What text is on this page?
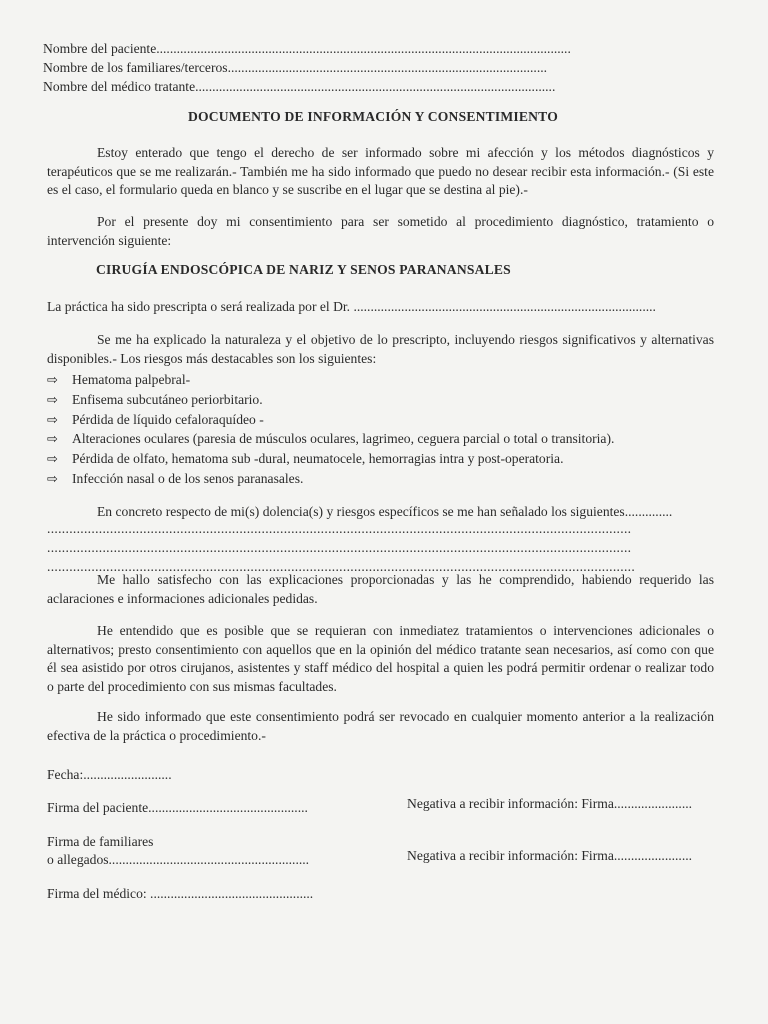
Nombre del paciente..........................................................................................................................
Nombre de los familiares/terceros..............................................................................................
Nombre del médico tratante..........................................................................................................
DOCUMENTO DE INFORMACIÓN Y CONSENTIMIENTO
Estoy enterado que tengo el derecho de ser informado sobre mi afección y los métodos diagnósticos y terapéuticos que se me realizarán.- También me ha sido informado que puedo no desear recibir esta información.- (Si este es el caso, el formulario queda en blanco y se suscribe en el lugar que se destina al pie).-
Por el presente doy mi consentimiento para ser sometido al procedimiento diagnóstico, tratamiento o intervención siguiente:
CIRUGÍA ENDOSCÓPICA DE NARIZ Y SENOS PARANANSALES
La práctica ha sido prescripta o será realizada por el Dr. .........................................................................................
Se me ha explicado la naturaleza y el objetivo de lo prescripto, incluyendo riesgos significativos y alternativas disponibles.- Los riesgos más destacables son los siguientes:
⇨ Hematoma palpebral-
⇨ Enfisema subcutáneo periorbitario.
⇨ Pérdida de líquido cefaloraquídeo -
⇨ Alteraciones oculares (paresia de músculos oculares, lagrimeo, ceguera parcial o total o transitoria).
⇨ Pérdida de olfato, hematoma sub -dural, neumatocele, hemorragias intra y post-operatoria.
⇨ Infección nasal o de los senos paranasales.
En concreto respecto de mi(s) dolencia(s) y riesgos específicos se me han señalado los siguientes..............
..............................................................................................................................................................
..............................................................................................................................................................
...............................................................................................................................................................
Me hallo satisfecho con las explicaciones proporcionadas y las he comprendido, habiendo requerido las aclaraciones e informaciones adicionales pedidas.
He entendido que es posible que se requieran con inmediatez tratamientos o intervenciones adicionales o alternativos; presto consentimiento con aquellos que en la opinión del médico tratante sean necesarios, así como con que él sea asistido por otros cirujanos, asistentes y staff médico del hospital a quien les podrá permitir ordenar o realizar todo o parte del procedimiento con sus mismas facultades.
He sido informado que este consentimiento podrá ser revocado en cualquier momento anterior a la realización efectiva de la práctica o procedimiento.-
Fecha:..........................
Firma del paciente...............................................	Negativa a recibir información: Firma.......................
Firma de familiares
o allegados...........................................................	Negativa a recibir información: Firma.......................
Firma del médico: ................................................
